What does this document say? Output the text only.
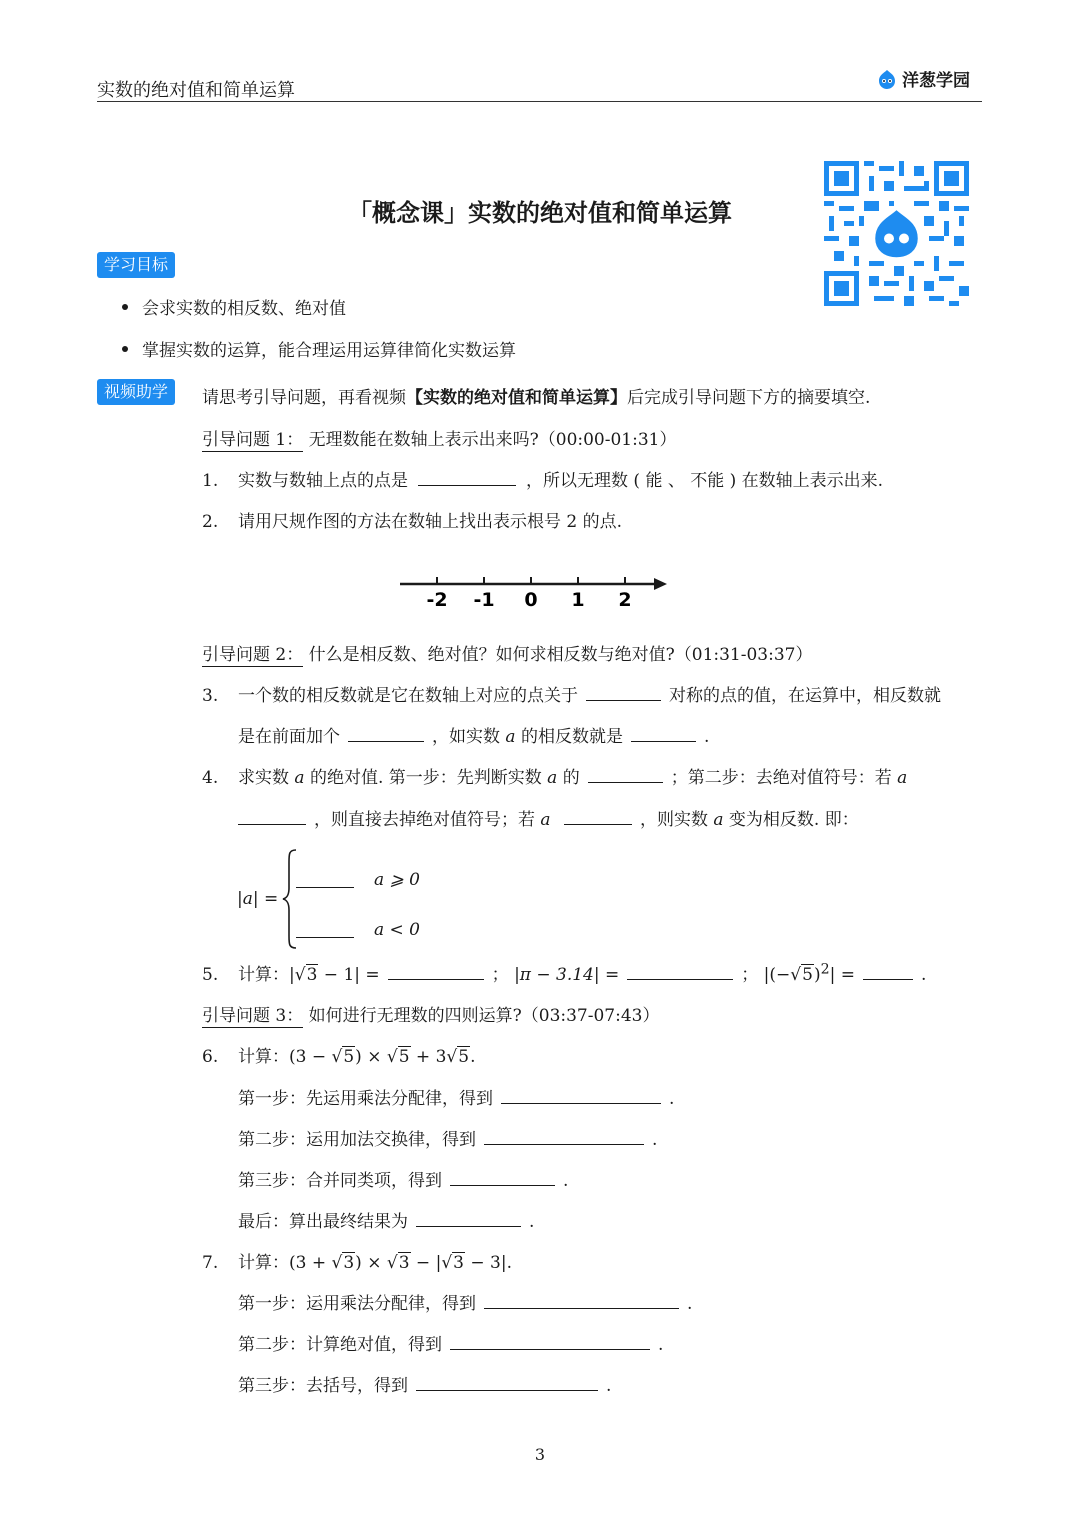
实数的绝对值和简单运算	洋葱学园
「概念课」实数的绝对值和简单运算
学习目标
会求实数的相反数、绝对值
掌握实数的运算，能合理运用运算律简化实数运算
视频助学	请思考引导问题，再看视频【实数的绝对值和简单运算】后完成引导问题下方的摘要填空.
引导问题 1： 无理数能在数轴上表示出来吗?（00:00-01:31）
1. 实数与数轴上点的点是	，所以无理数 ( 能 、 不能 ) 在数轴上表示出来.
2. 请用尺规作图的方法在数轴上找出表示根号 2 的点.
-2 -1 0 1 2
引导问题 2： 什么是相反数、绝对值？如何求相反数与绝对值?（01:31-03:37）
3. 一个数的相反数就是它在数轴上对应的点关于	对称的点的值，在运算中，相反数就
是在前面加个	，如实数 a 的相反数就是	.
4. 求实数 a 的绝对值. 第一步：先判断实数 a 的	；第二步：去绝对值符号：若 a
，则直接去掉绝对值符号；若 a	，则实数 a 变为相反数. 即：
|a| =
a ⩾ 0
a < 0
5. 计算：|√3 − 1| =	； |π − 3.14| =	； $|(-√5)^2|$ =	.
引导问题 3： 如何进行无理数的四则运算?（03:37-07:43）
6. 计算：(3 − √5) × √5 + 3√5.
第一步：先运用乘法分配律，得到	.
第二步：运用加法交换律，得到	.
第三步：合并同类项，得到	.
最后：算出最终结果为	.
7. 计算：(3 + √3) × √3 − |√3 − 3|.
第一步：运用乘法分配律，得到	.
第二步：计算绝对值，得到	.
第三步：去括号，得到	.
3
